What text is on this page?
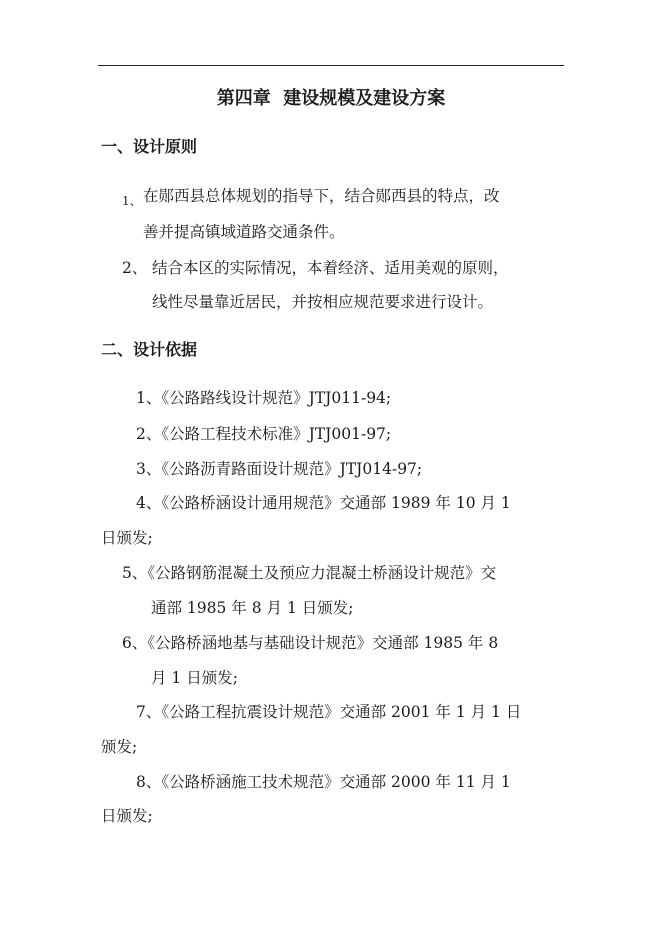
第四章  建设规模及建设方案
一、设计原则
1、 在郧西县总体规划的指导下，结合郧西县的特点，改
善并提高镇域道路交通条件。
2、 结合本区的实际情况，本着经济、适用美观的原则，
线性尽量靠近居民，并按相应规范要求进行设计。
二、设计依据
1、《公路路线设计规范》JTJ011-94;
2、《公路工程技术标准》JTJ001-97;
3、《公路沥青路面设计规范》JTJ014-97;
4、《公路桥涵设计通用规范》交通部 1989 年 10 月 1
日颁发;
5、《公路钢筋混凝土及预应力混凝土桥涵设计规范》交
通部 1985 年 8 月 1 日颁发;
6、《公路桥涵地基与基础设计规范》交通部 1985 年 8
月 1 日颁发;
7、《公路工程抗震设计规范》交通部 2001 年 1 月 1 日
颁发;
8、《公路桥涵施工技术规范》交通部 2000 年 11 月 1
日颁发;
